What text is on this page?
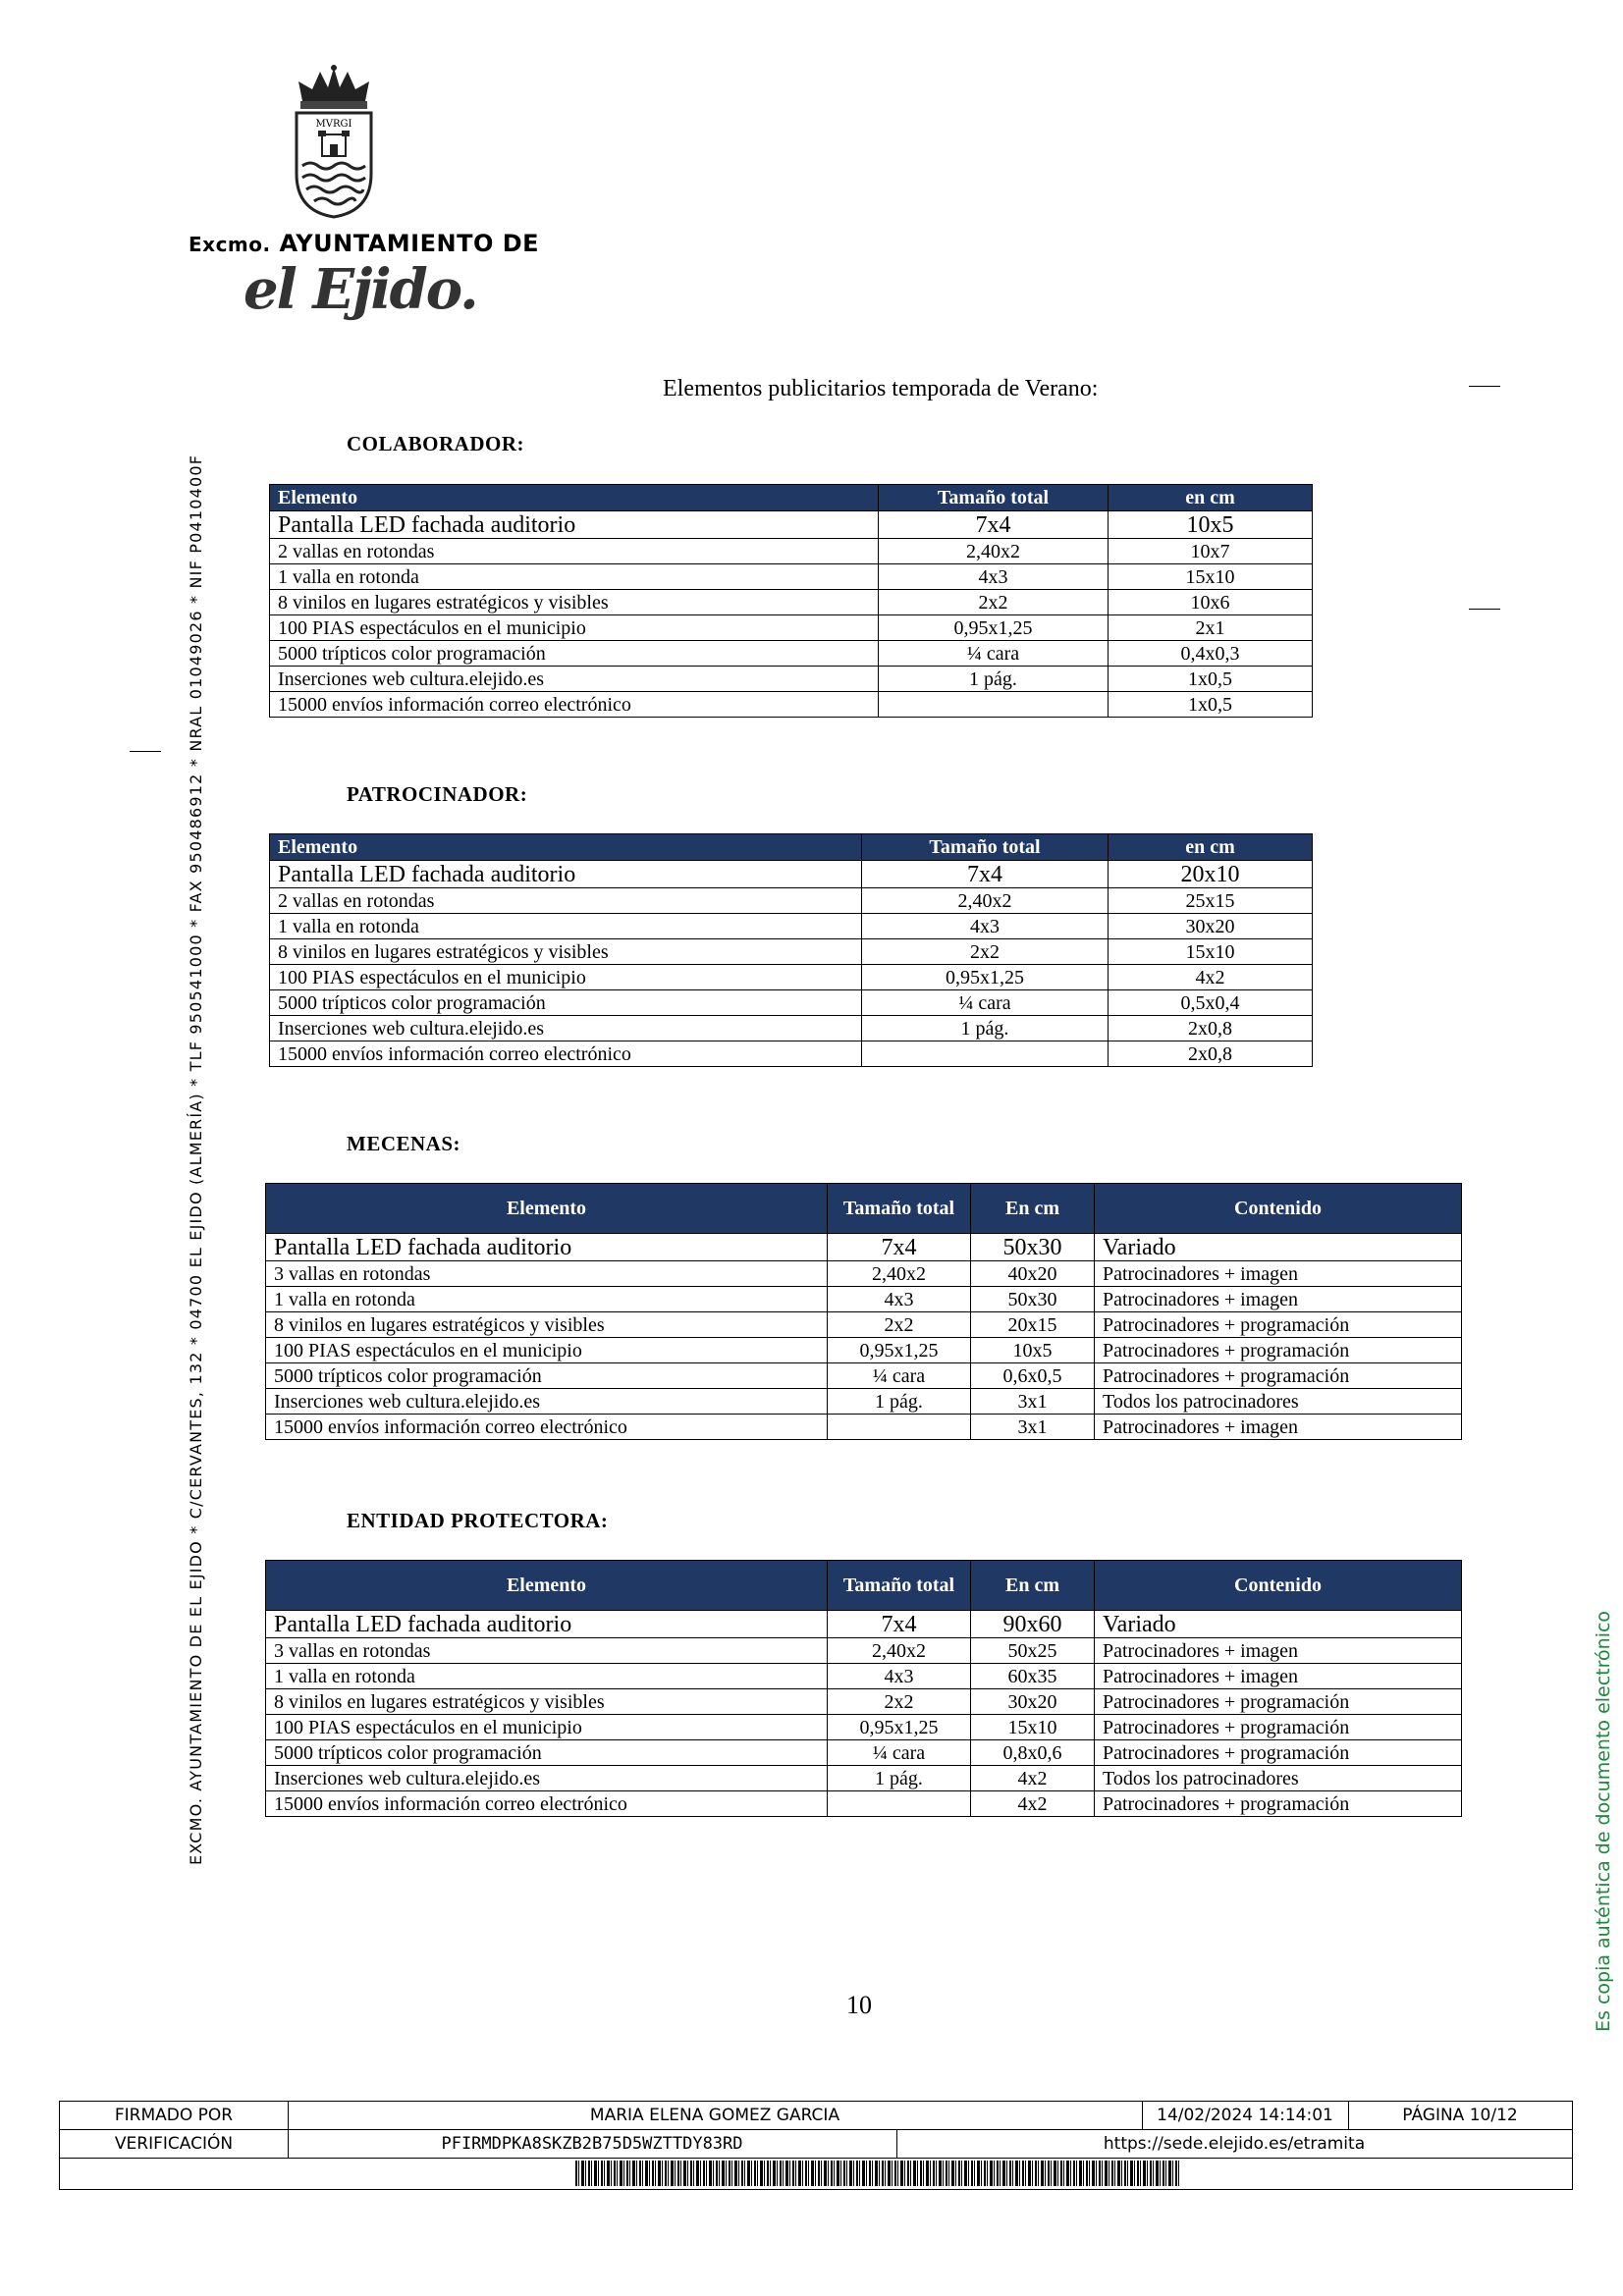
MVRGI
Excmo. AYUNTAMIENTO DE
el Ejido.
Elementos publicitarios temporada de Verano:
COLABORADOR:
Elemento	Tamaño total	en cm
Pantalla LED fachada auditorio	7x4	10x5
2 vallas en rotondas	2,40x2	10x7
1 valla en rotonda	4x3	15x10
8 vinilos en lugares estratégicos y visibles	2x2	10x6
100 PIAS espectáculos en el municipio	0,95x1,25	2x1
5000 trípticos color programación	¼ cara	0,4x0,3
Inserciones web cultura.elejido.es	1 pág.	1x0,5
15000 envíos información correo electrónico		1x0,5
PATROCINADOR:
Elemento	Tamaño total	en cm
Pantalla LED fachada auditorio	7x4	20x10
2 vallas en rotondas	2,40x2	25x15
1 valla en rotonda	4x3	30x20
8 vinilos en lugares estratégicos y visibles	2x2	15x10
100 PIAS espectáculos en el municipio	0,95x1,25	4x2
5000 trípticos color programación	¼ cara	0,5x0,4
Inserciones web cultura.elejido.es	1 pág.	2x0,8
15000 envíos información correo electrónico		2x0,8
MECENAS:
Elemento	Tamaño total	En cm	Contenido
Pantalla LED fachada auditorio	7x4	50x30	Variado
3 vallas en rotondas	2,40x2	40x20	Patrocinadores + imagen
1 valla en rotonda	4x3	50x30	Patrocinadores + imagen
8 vinilos en lugares estratégicos y visibles	2x2	20x15	Patrocinadores + programación
100 PIAS espectáculos en el municipio	0,95x1,25	10x5	Patrocinadores + programación
5000 trípticos color programación	¼ cara	0,6x0,5	Patrocinadores + programación
Inserciones web cultura.elejido.es	1 pág.	3x1	Todos los patrocinadores
15000 envíos información correo electrónico		3x1	Patrocinadores + imagen
ENTIDAD PROTECTORA:
Elemento	Tamaño total	En cm	Contenido
Pantalla LED fachada auditorio	7x4	90x60	Variado
3 vallas en rotondas	2,40x2	50x25	Patrocinadores + imagen
1 valla en rotonda	4x3	60x35	Patrocinadores + imagen
8 vinilos en lugares estratégicos y visibles	2x2	30x20	Patrocinadores + programación
100 PIAS espectáculos en el municipio	0,95x1,25	15x10	Patrocinadores + programación
5000 trípticos color programación	¼ cara	0,8x0,6	Patrocinadores + programación
Inserciones web cultura.elejido.es	1 pág.	4x2	Todos los patrocinadores
15000 envíos información correo electrónico		4x2	Patrocinadores + programación
EXCMO. AYUNTAMIENTO DE EL EJIDO * C/CERVANTES, 132 * 04700 EL EJIDO (ALMERÍA) * TLF 950541000 * FAX 950486912 * NRAL 01049026 * NIF P0410400F	Es copia auténtica de documento electrónico
10
FIRMADO POR	MARIA ELENA GOMEZ GARCIA	14/02/2024 14:14:01	PÁGINA 10/12
VERIFICACIÓN	PFIRMDPKA8SKZB2B75D5WZTTDY83RD	https://sede.elejido.es/etramita
